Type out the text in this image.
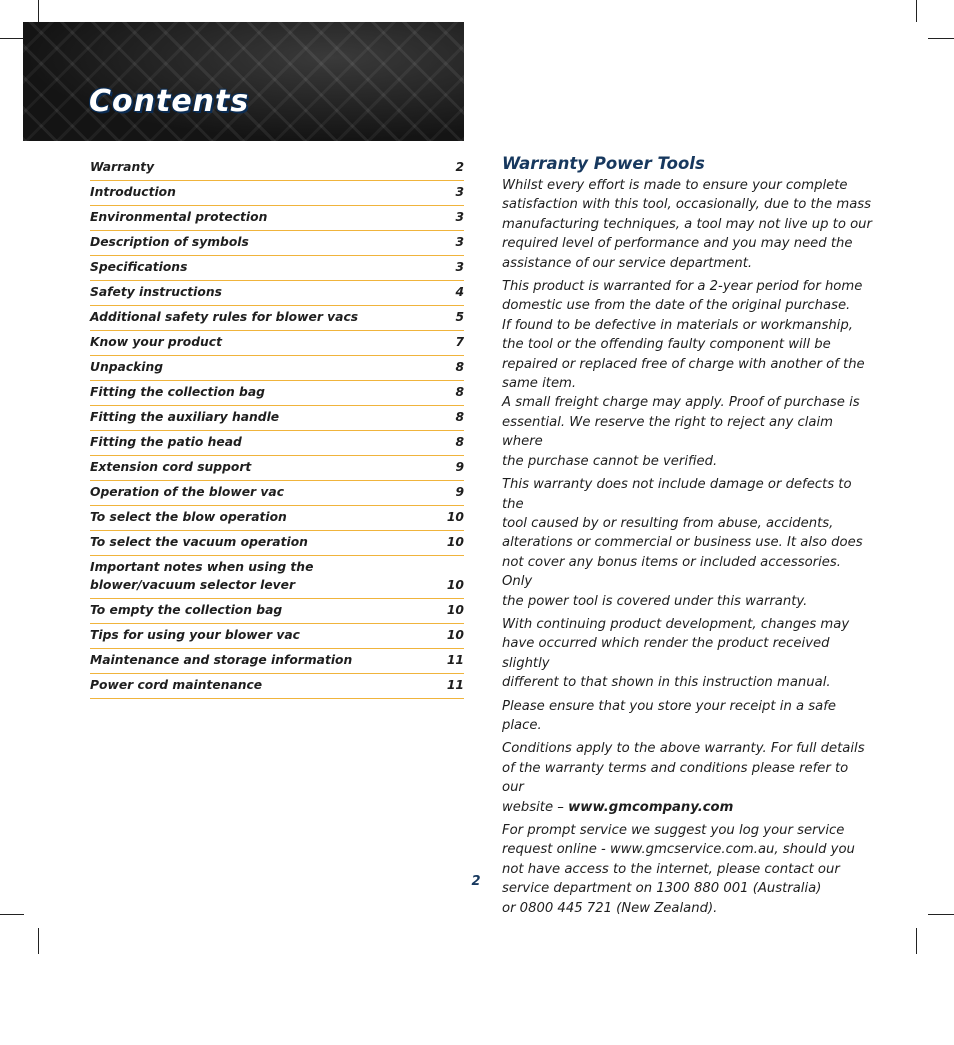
Contents
Warranty	2
Introduction	3
Environmental protection	3
Description of symbols	3
Specifications	3
Safety instructions	4
Additional safety rules for blower vacs	5
Know your product	7
Unpacking	8
Fitting the collection bag	8
Fitting the auxiliary handle	8
Fitting the patio head	8
Extension cord support	9
Operation of the blower vac	9
To select the blow operation	10
To select the vacuum operation	10
Important notes when using the
blower/vacuum selector lever	10
To empty the collection bag	10
Tips for using your blower vac	10
Maintenance and storage information	11
Power cord maintenance	11
Warranty Power Tools

Whilst every effort is made to ensure your complete
satisfaction with this tool, occasionally, due to the mass
manufacturing techniques, a tool may not live up to our
required level of performance and you may need the
assistance of our service department.

This product is warranted for a 2-year period for home
domestic use from the date of the original purchase.
If found to be defective in materials or workmanship,
the tool or the offending faulty component will be
repaired or replaced free of charge with another of the
same item.
A small freight charge may apply. Proof of purchase is
essential. We reserve the right to reject any claim where
the purchase cannot be verified.

This warranty does not include damage or defects to the
tool caused by or resulting from abuse, accidents,
alterations or commercial or business use. It also does
not cover any bonus items or included accessories. Only
the power tool is covered under this warranty.

With continuing product development, changes may
have occurred which render the product received slightly
different to that shown in this instruction manual.

Please ensure that you store your receipt in a safe place.

Conditions apply to the above warranty. For full details
of the warranty terms and conditions please refer to our
website – www.gmcompany.com

For prompt service we suggest you log your service
request online - www.gmcservice.com.au, should you
not have access to the internet, please contact our
service department on 1300 880 001 (Australia)
or 0800 445 721 (New Zealand).

2
